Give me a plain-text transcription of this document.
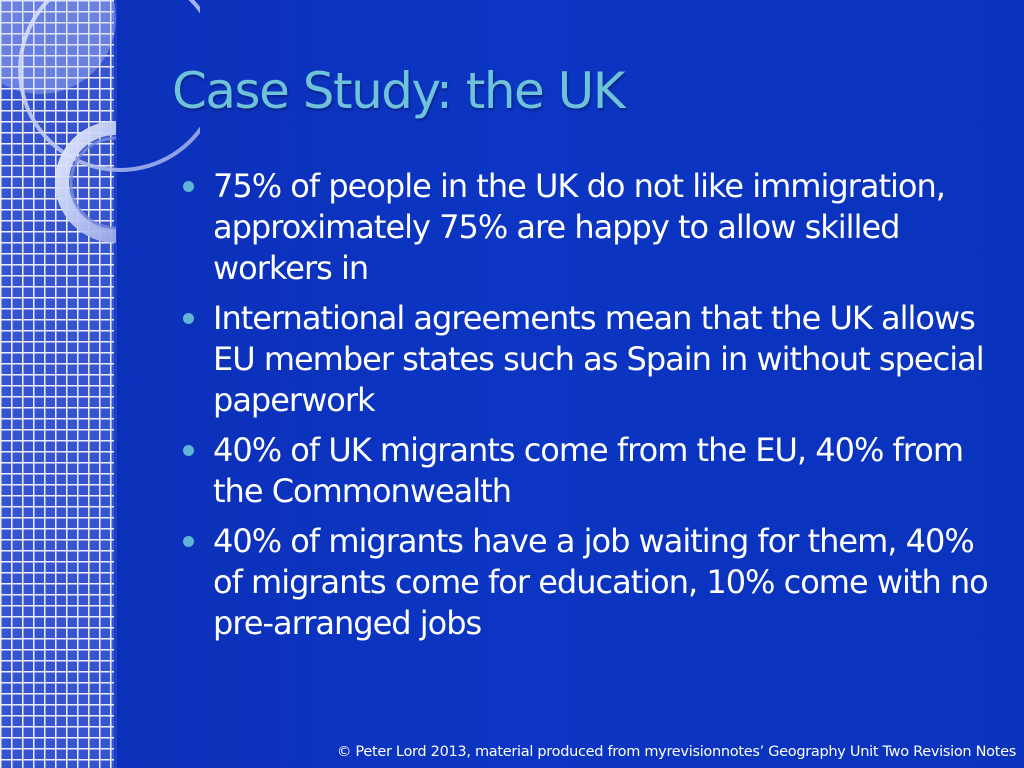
Case Study: the UK
75% of people in the UK do not like immigration, approximately 75% are happy to allow skilled workers in
International agreements mean that the UK allows EU member states such as Spain in without special paperwork
40% of UK migrants come from the EU, 40% from the Commonwealth
40% of migrants have a job waiting for them, 40% of migrants come for education, 10% come with no pre-arranged jobs
© Peter Lord 2013, material produced from myrevisionnotes’ Geography Unit Two Revision Notes
